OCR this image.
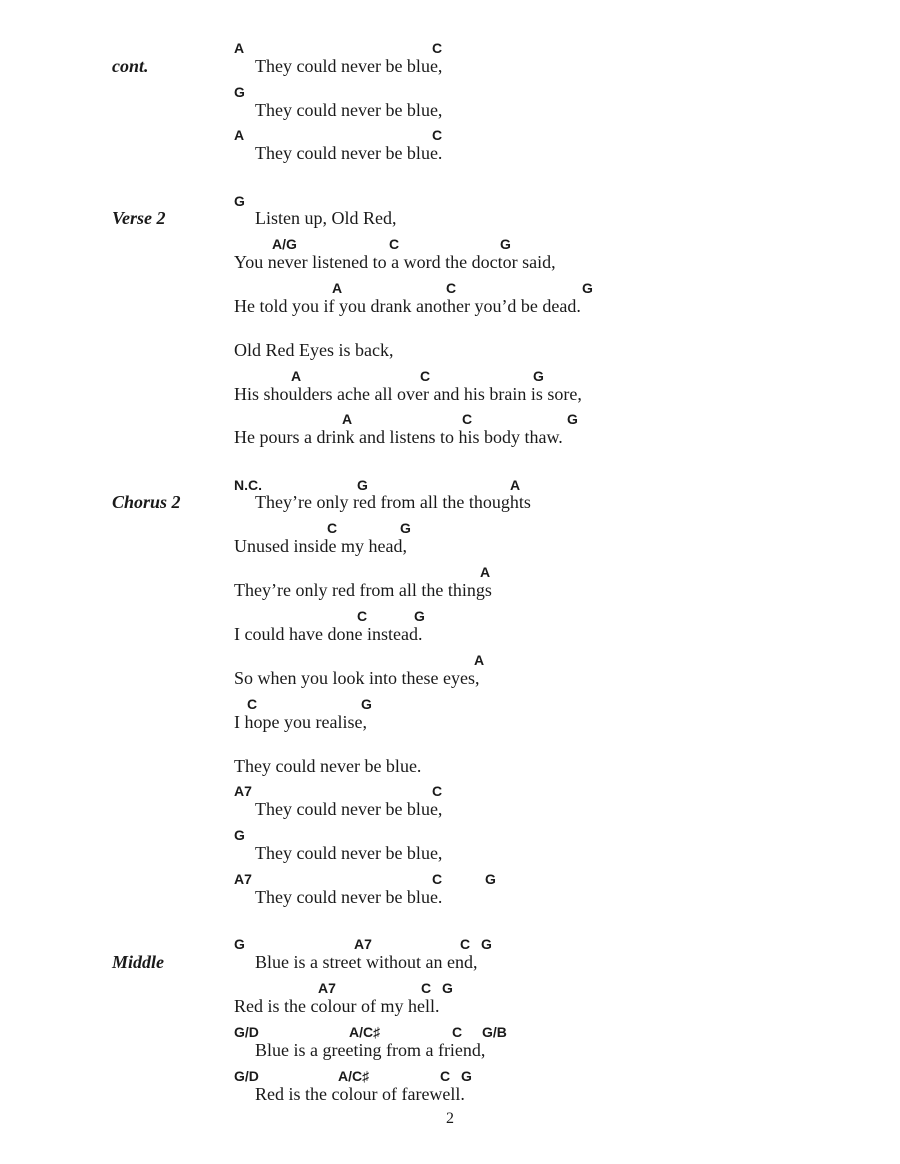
cont.
Verse 2
Chorus 2
Middle
A	C
They could never be blue,
G
They could never be blue,
A	C
They could never be blue.
G
Listen up, Old Red,
A/G	C	G
You never listened to a word the doctor said,
A	C	G
He told you if you drank another you’d be dead.
Old Red Eyes is back,
A	C	G
His shoulders ache all over and his brain is sore,
A	C	G
He pours a drink and listens to his body thaw.
N.C.	G	A
They’re only red from all the thoughts
C	G
Unused inside my head,
A
They’re only red from all the things
C	G
I could have done instead.
A
So when you look into these eyes,
C	G
I hope you realise,
They could never be blue.
A7	C
They could never be blue,
G
They could never be blue,
A7	C	G
They could never be blue.
G	A7	C G
Blue is a street without an end,
A7	C G
Red is the colour of my hell.
G/D	A/C♯	C G/B
Blue is a greeting from a friend,
G/D	A/C♯	C G
Red is the colour of farewell.
2
